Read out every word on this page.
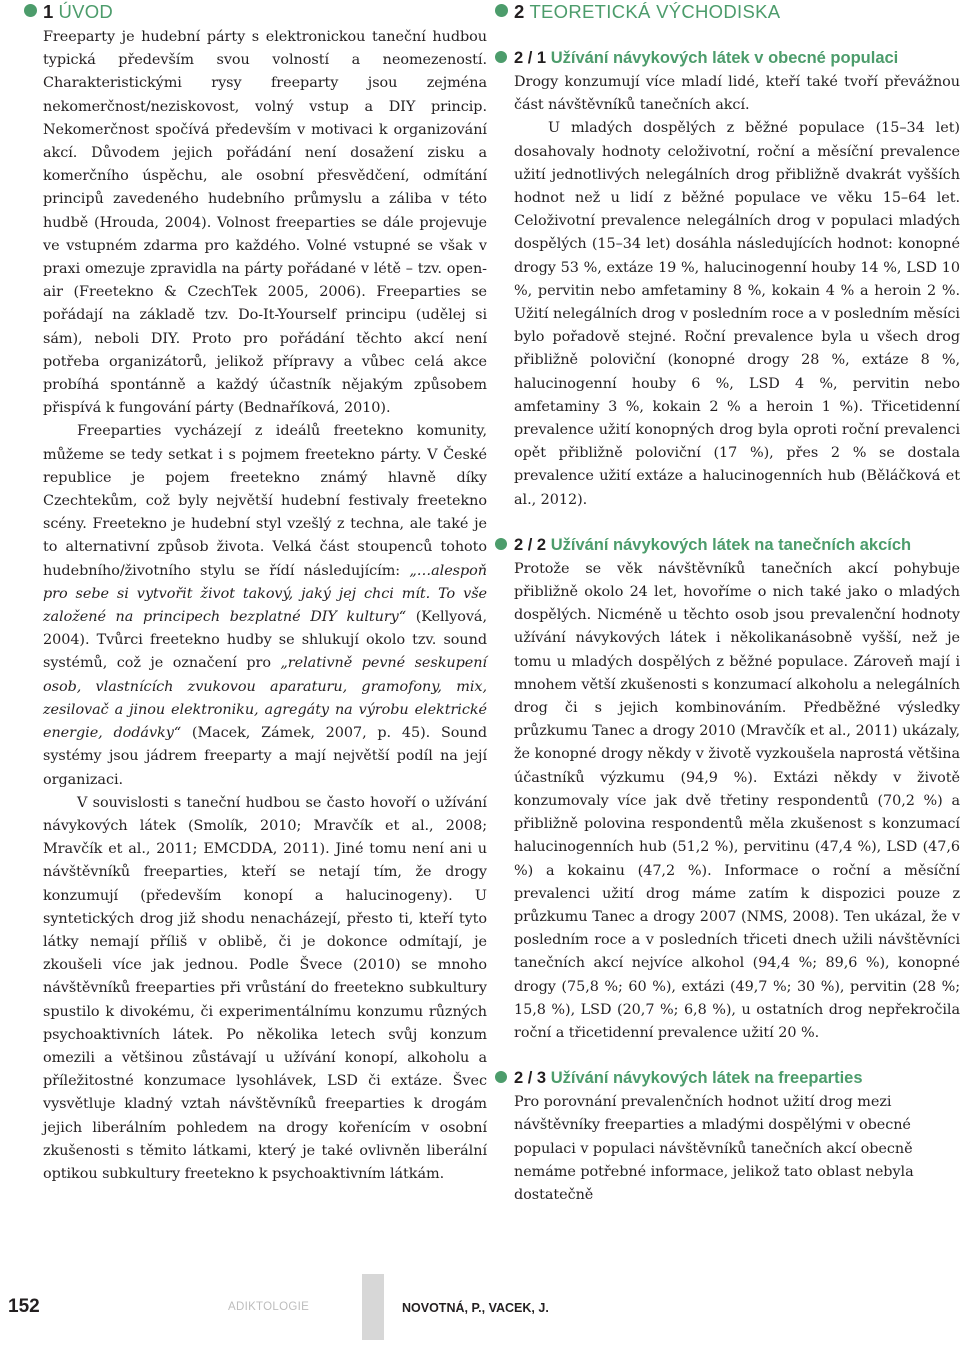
1 ÚVOD

Freeparty je hudební párty s elektronickou taneční hudbou typická především svou volností a neomezeností. Charakteristickými rysy freeparty jsou zejména nekomerčnost/neziskovost, volný vstup a DIY princip. Nekomerčnost spočívá především v motivaci k organizování akcí. Důvodem jejich pořádání není dosažení zisku a komerčního úspěchu, ale osobní přesvědčení, odmítání principů zavedeného hudebního průmyslu a záliba v této hudbě (Hrouda, 2004). Volnost freeparties se dále projevuje ve vstupném zdarma pro každého. Volné vstupné se však v praxi omezuje zpravidla na párty pořádané v létě – tzv. open-air (Freetekno & CzechTek 2005, 2006). Freeparties se pořádají na základě tzv. Do-It-Yourself principu (udělej si sám), neboli DIY. Proto pro pořádání těchto akcí není potřeba organizátorů, jelikož přípravy a vůbec celá akce probíhá spontánně a každý účastník nějakým způsobem přispívá k fungování párty (Bednaříková, 2010).

Freeparties vycházejí z ideálů freetekno komunity, můžeme se tedy setkat i s pojmem freetekno párty. V České republice je pojem freetekno známý hlavně díky Czechtekům, což byly největší hudební festivaly freetekno scény. Freetekno je hudební styl vzešlý z techna, ale také je to alternativní způsob života. Velká část stoupenců tohoto hudebního/životního stylu se řídí následujícím: „…alespoň pro sebe si vytvořit život takový, jaký jej chci mít. To vše založené na principech bezplatné DIY kultury“ (Kellyová, 2004). Tvůrci freetekno hudby se shlukují okolo tzv. sound systémů, což je označení pro „relativně pevné seskupení osob, vlastnících zvukovou aparaturu, gramofony, mix, zesilovač a jinou elektroniku, agregáty na výrobu elektrické energie, dodávky“ (Macek, Zámek, 2007, p. 45). Sound systémy jsou jádrem freeparty a mají největší podíl na její organizaci.

V souvislosti s taneční hudbou se často hovoří o užívání návykových látek (Smolík, 2010; Mravčík et al., 2008; Mravčík et al., 2011; EMCDDA, 2011). Jiné tomu není ani u návštěvníků freeparties, kteří se netají tím, že drogy konzumují (především konopí a halucinogeny). U syntetických drog již shodu nenacházejí, přesto ti, kteří tyto látky nemají příliš v oblibě, či je dokonce odmítají, je zkoušeli více jak jednou. Podle Švece (2010) se mnoho návštěvníků freeparties při vrůstání do freetekno subkultury spustilo k divokému, či experimentálnímu konzumu různých psychoaktivních látek. Po několika letech svůj konzum omezili a většinou zůstávají u užívání konopí, alkoholu a příležitostné konzumace lysohlávek, LSD či extáze. Švec vysvětluje kladný vztah návštěvníků freeparties k drogám jejich liberálním pohledem na drogy kořenícím v osobní zkušenosti s těmito látkami, který je také ovlivněn liberální optikou subkultury freetekno k psychoaktivním látkám.

2 TEORETICKÁ VÝCHODISKA
2 / 1 Užívání návykových látek v obecné populaci

Drogy konzumují více mladí lidé, kteří také tvoří převážnou část návštěvníků tanečních akcí.

U mladých dospělých z běžné populace (15–34 let) dosahovaly hodnoty celoživotní, roční a měsíční prevalence užití jednotlivých nelegálních drog přibližně dvakrát vyšších hodnot než u lidí z běžné populace ve věku 15–64 let. Celoživotní prevalence nelegálních drog v populaci mladých dospělých (15–34 let) dosáhla následujících hodnot: konopné drogy 53 %, extáze 19 %, halucinogenní houby 14 %, LSD 10 %, pervitin nebo amfetaminy 8 %, kokain 4 % a heroin 2 %. Užití nelegálních drog v posledním roce a v posledním měsíci bylo pořadově stejné. Roční prevalence byla u všech drog přibližně poloviční (konopné drogy 28 %, extáze 8 %, halucinogenní houby 6 %, LSD 4 %, pervitin nebo amfetaminy 3 %, kokain 2 % a heroin 1 %). Třicetidenní prevalence užití konopných drog byla oproti roční prevalenci opět přibližně poloviční (17 %), přes 2 % se dostala prevalence užití extáze a halucinogenních hub (Běláčková et al., 2012).

2 / 2 Užívání návykových látek na tanečních akcích

Protože se věk návštěvníků tanečních akcí pohybuje přibližně okolo 24 let, hovoříme o nich také jako o mladých dospělých. Nicméně u těchto osob jsou prevalenční hodnoty užívání návykových látek i několikanásobně vyšší, než je tomu u mladých dospělých z běžné populace. Zároveň mají i mnohem větší zkušenosti s konzumací alkoholu a nelegálních drog či s jejich kombinováním. Předběžné výsledky průzkumu Tanec a drogy 2010 (Mravčík et al., 2011) ukázaly, že konopné drogy někdy v životě vyzkoušela naprostá většina účastníků výzkumu (94,9 %). Extázi někdy v životě konzumovaly více jak dvě třetiny respondentů (70,2 %) a přibližně polovina respondentů měla zkušenost s konzumací halucinogenních hub (51,2 %), pervitinu (47,4 %), LSD (47,6 %) a kokainu (47,2 %). Informace o roční a měsíční prevalenci užití drog máme zatím k dispozici pouze z průzkumu Tanec a drogy 2007 (NMS, 2008). Ten ukázal, že v posledním roce a v posledních třiceti dnech užili návštěvníci tanečních akcí nejvíce alkohol (94,4 %; 89,6 %), konopné drogy (75,8 %; 60 %), extázi (49,7 %; 30 %), pervitin (28 %; 15,8 %), LSD (20,7 %; 6,8 %), u ostatních drog nepřekročila roční a třicetidenní prevalence užití 20 %.

2 / 3 Užívání návykových látek na freeparties

Pro porovnání prevalenčních hodnot užití drog mezi návštěvníky freeparties a mladými dospělými v obecné populaci v populaci návštěvníků tanečních akcí obecně nemáme potřebné informace, jelikož tato oblast nebyla dostatečně

152	ADIKTOLOGIE	NOVOTNÁ, P., VACEK, J.
